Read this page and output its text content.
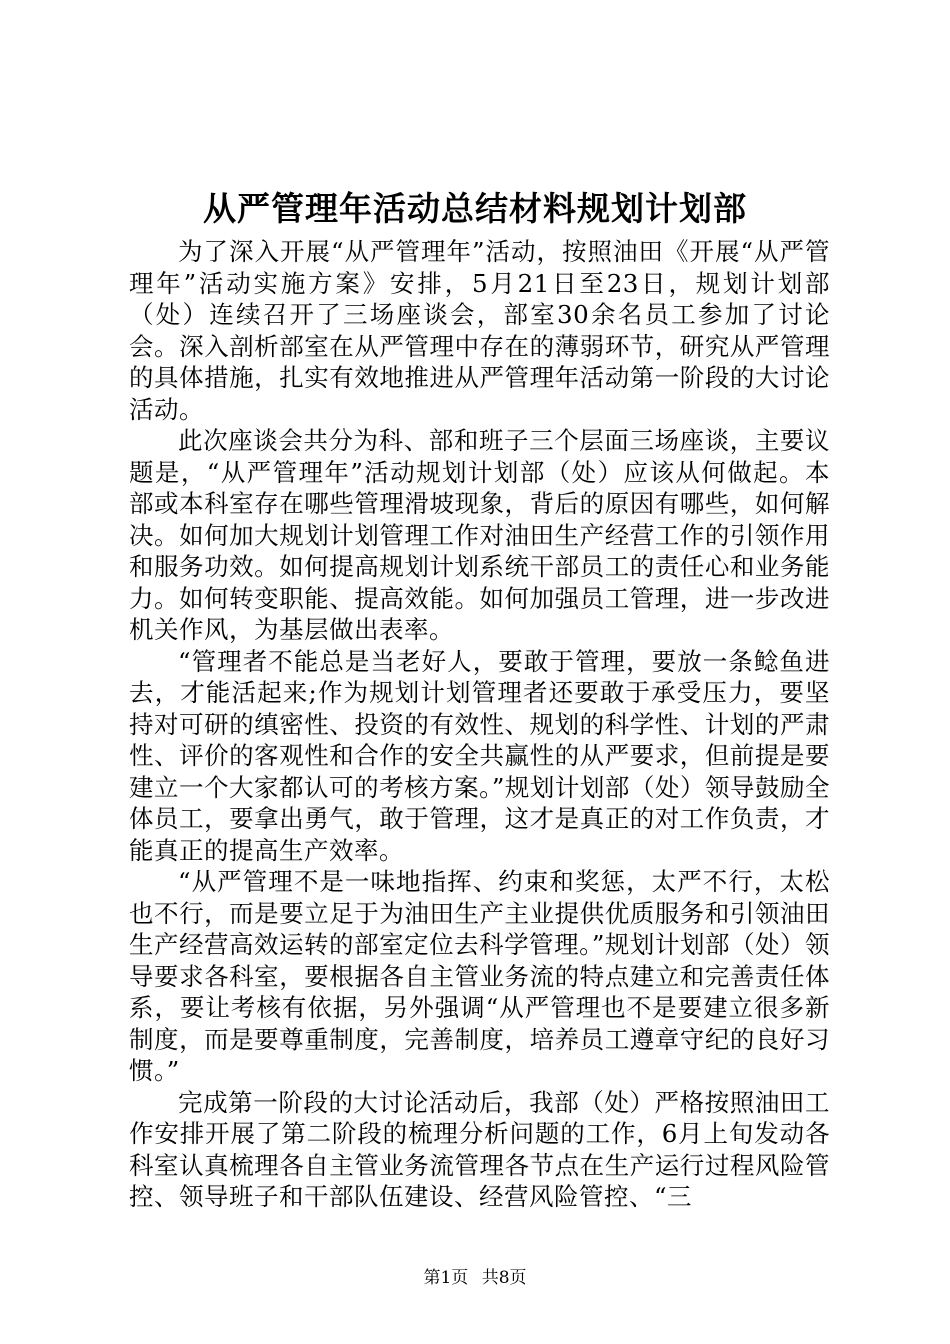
从严管理年活动总结材料规划计划部

为了深入开展“从严管理年”活动，按照油田《开展“从严管理年”活动实施方案》安排，5月21日至23日，规划计划部（处）连续召开了三场座谈会，部室30余名员工参加了讨论会。深入剖析部室在从严管理中存在的薄弱环节，研究从严管理的具体措施，扎实有效地推进从严管理年活动第一阶段的大讨论活动。

此次座谈会共分为科、部和班子三个层面三场座谈，主要议题是，“从严管理年”活动规划计划部（处）应该从何做起。本部或本科室存在哪些管理滑坡现象，背后的原因有哪些，如何解决。如何加大规划计划管理工作对油田生产经营工作的引领作用和服务功效。如何提高规划计划系统干部员工的责任心和业务能力。如何转变职能、提高效能。如何加强员工管理，进一步改进机关作风，为基层做出表率。

“管理者不能总是当老好人，要敢于管理，要放一条鲶鱼进去，才能活起来;作为规划计划管理者还要敢于承受压力，要坚持对可研的缜密性、投资的有效性、规划的科学性、计划的严肃性、评价的客观性和合作的安全共赢性的从严要求，但前提是要建立一个大家都认可的考核方案。”规划计划部（处）领导鼓励全体员工，要拿出勇气，敢于管理，这才是真正的对工作负责，才能真正的提高生产效率。

“从严管理不是一味地指挥、约束和奖惩，太严不行，太松也不行，而是要立足于为油田生产主业提供优质服务和引领油田生产经营高效运转的部室定位去科学管理。”规划计划部（处）领导要求各科室，要根据各自主管业务流的特点建立和完善责任体系，要让考核有依据，另外强调“从严管理也不是要建立很多新制度，而是要尊重制度，完善制度，培养员工遵章守纪的良好习惯。”

完成第一阶段的大讨论活动后，我部（处）严格按照油田工作安排开展了第二阶段的梳理分析问题的工作，6月上旬发动各科室认真梳理各自主管业务流管理各节点在生产运行过程风险管控、领导班子和干部队伍建设、经营风险管控、“三

第1页 共8页
